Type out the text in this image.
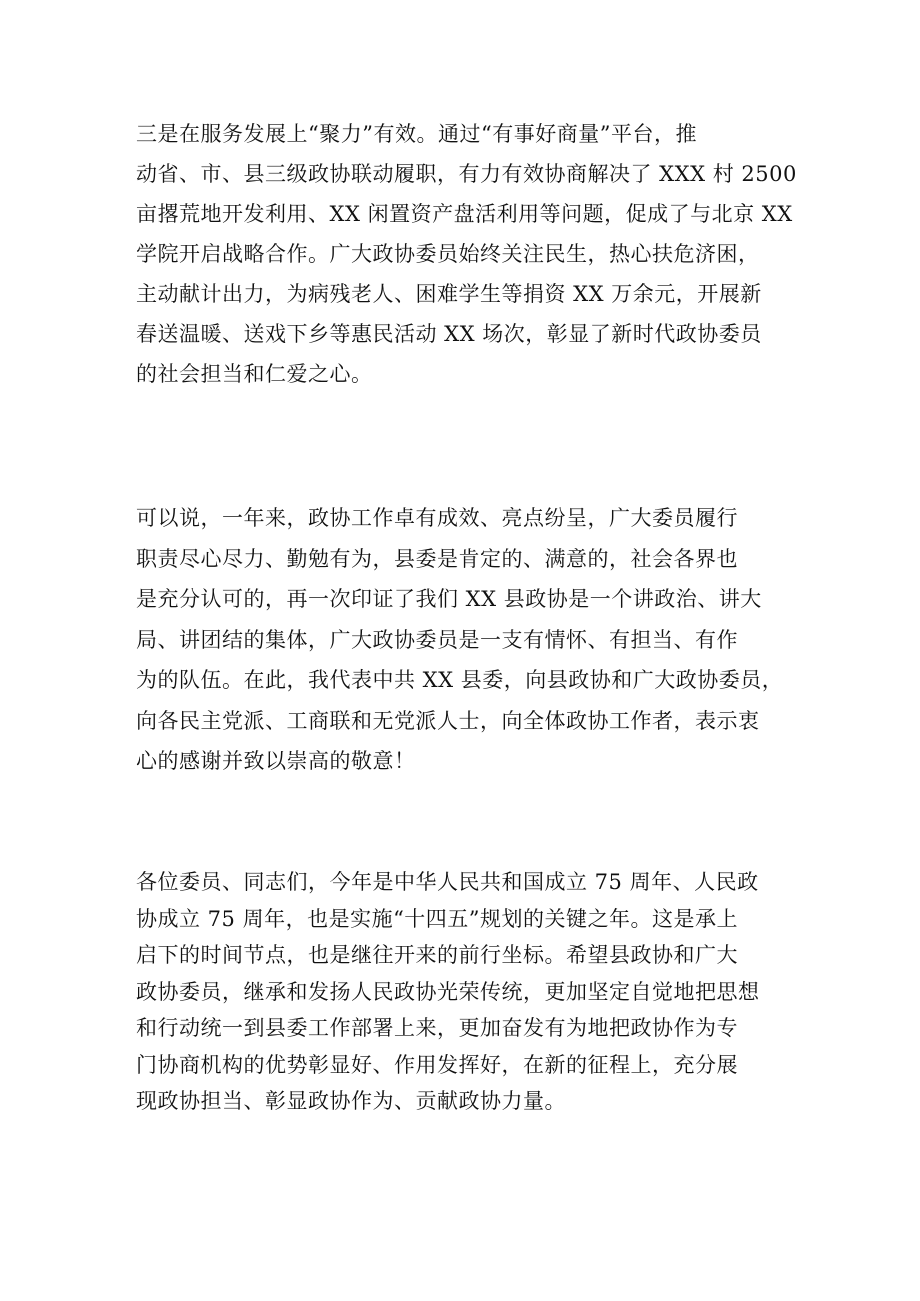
三是在服务发展上“聚力”有效。通过“有事好商量”平台，推
动省、市、县三级政协联动履职，有力有效协商解决了 XXX 村 2500
亩撂荒地开发利用、XX 闲置资产盘活利用等问题，促成了与北京 XX
学院开启战略合作。广大政协委员始终关注民生，热心扶危济困，
主动献计出力，为病残老人、困难学生等捐资 XX 万余元，开展新
春送温暖、送戏下乡等惠民活动 XX 场次，彰显了新时代政协委员
的社会担当和仁爱之心。

可以说，一年来，政协工作卓有成效、亮点纷呈，广大委员履行
职责尽心尽力、勤勉有为，县委是肯定的、满意的，社会各界也
是充分认可的，再一次印证了我们 XX 县政协是一个讲政治、讲大
局、讲团结的集体，广大政协委员是一支有情怀、有担当、有作
为的队伍。在此，我代表中共 XX 县委，向县政协和广大政协委员，
向各民主党派、工商联和无党派人士，向全体政协工作者，表示衷
心的感谢并致以崇高的敬意！

各位委员、同志们，今年是中华人民共和国成立 75 周年、人民政
协成立 75 周年，也是实施“十四五”规划的关键之年。这是承上
启下的时间节点，也是继往开来的前行坐标。希望县政协和广大
政协委员，继承和发扬人民政协光荣传统，更加坚定自觉地把思想
和行动统一到县委工作部署上来，更加奋发有为地把政协作为专
门协商机构的优势彰显好、作用发挥好，在新的征程上，充分展
现政协担当、彰显政协作为、贡献政协力量。
